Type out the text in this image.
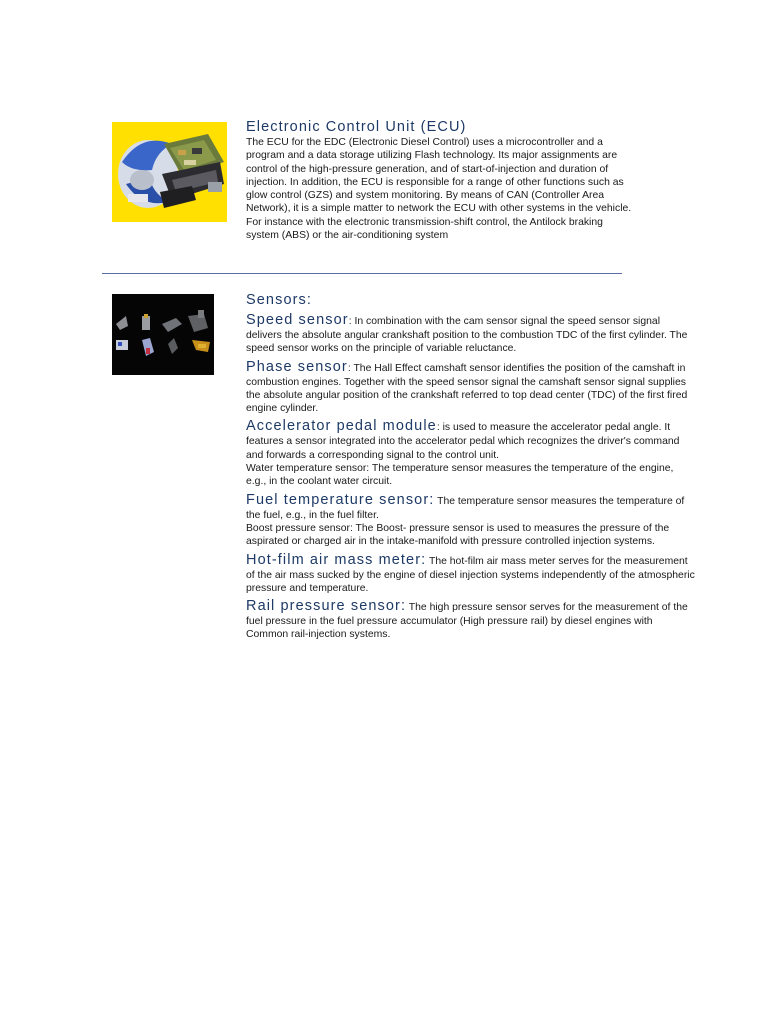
Electronic Control Unit (ECU)

The ECU for the EDC (Electronic Diesel Control) uses a microcontroller and a program and a data storage utilizing Flash technology. Its major assignments are control of the high-pressure generation, and of start-of-injection and duration of injection. In addition, the ECU is responsible for a range of other functions such as glow control (GZS) and system monitoring. By means of CAN (Controller Area Network), it is a simple matter to network the ECU with other systems in the vehicle. For instance with the electronic transmission-shift control, the Antilock braking system (ABS) or the air-conditioning system

Sensors:

Speed sensor: In combination with the cam sensor signal the speed sensor signal delivers the absolute angular crankshaft position to the combustion TDC of the first cylinder. The speed sensor works on the principle of variable reluctance.

Phase sensor: The Hall Effect camshaft sensor identifies the position of the camshaft in combustion engines. Together with the speed sensor signal the camshaft sensor signal supplies the absolute angular position of the crankshaft referred to top dead center (TDC) of the first fired engine cylinder.

Accelerator pedal module: is used to measure the accelerator pedal angle. It features a sensor integrated into the accelerator pedal which recognizes the driver's command and forwards a corresponding signal to the control unit.

Water temperature sensor: The temperature sensor measures the temperature of the engine, e.g., in the coolant water circuit.

Fuel temperature sensor: The temperature sensor measures the temperature of the fuel, e.g., in the fuel filter.

Boost pressure sensor: The Boost- pressure sensor is used to measures the pressure of the aspirated or charged air in the intake-manifold with pressure controlled injection systems.

Hot-film air mass meter: The hot-film air mass meter serves for the measurement of the air mass sucked by the engine of diesel injection systems independently of the atmospheric pressure and temperature.

Rail pressure sensor: The high pressure sensor serves for the measurement of the fuel pressure in the fuel pressure accumulator (High pressure rail) by diesel engines with Common rail-injection systems.
